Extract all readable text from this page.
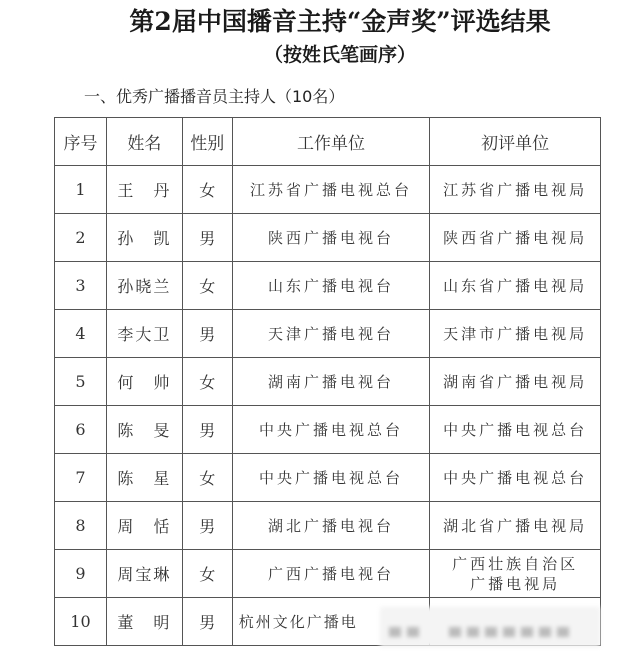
第2届中国播音主持“金声奖”评选结果
（按姓氏笔画序）
一、优秀广播播音员主持人（10名）
序号	姓名	性别	工作单位	初评单位
1	王　丹	女	江苏省广播电视总台	江苏省广播电视局
2	孙　凯	男	陕西广播电视台	陕西省广播电视局
3	孙晓兰	女	山东广播电视台	山东省广播电视局
4	李大卫	男	天津广播电视台	天津市广播电视局
5	何　帅	女	湖南广播电视台	湖南省广播电视局
6	陈　旻	男	中央广播电视总台	中央广播电视总台
7	陈　星	女	中央广播电视总台	中央广播电视总台
8	周　恬	男	湖北广播电视台	湖北省广播电视局
9	周宝琳	女	广西广播电视台	广西壮族自治区
广播电视局

10	董　明	男	杭州文化广播电	
